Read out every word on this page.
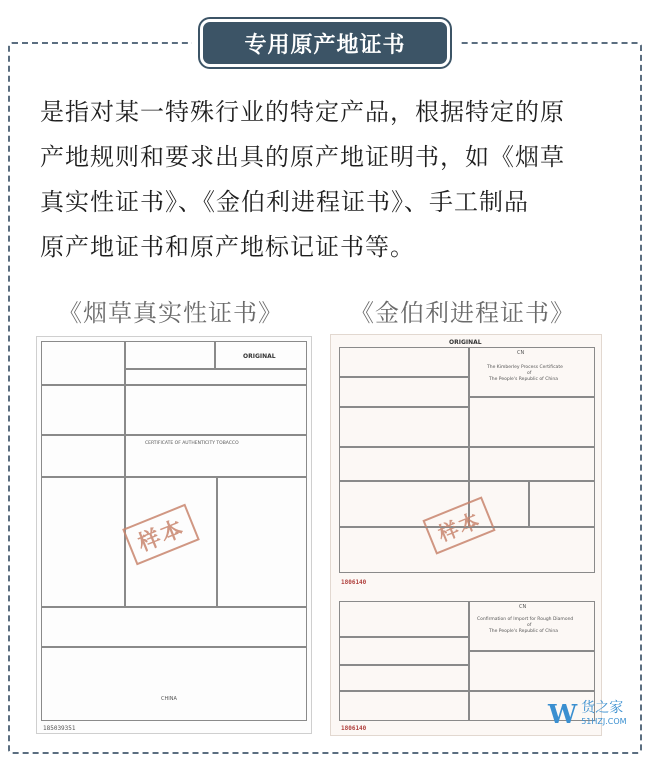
专用原产地证书
是指对某一特殊行业的特定产品，根据特定的原
产地规则和要求出具的原产地证明书，如《烟草
真实性证书》、《金伯利进程证书》、手工制品
原产地证书和原产地标记证书等。
《烟草真实性证书》	《金伯利进程证书》
ORIGINAL
CERTIFICATE OF AUTHENTICITY TOBACCO
样本
CHINA
185039351
ORIGINAL
CN
The Kimberley Process Certificate
of
The People's Republic of China
样本
1806140
CN
Confirmation of Import for Rough Diamond
of
The People's Republic of China
1806140	W 货之家
51HZJ.COM
